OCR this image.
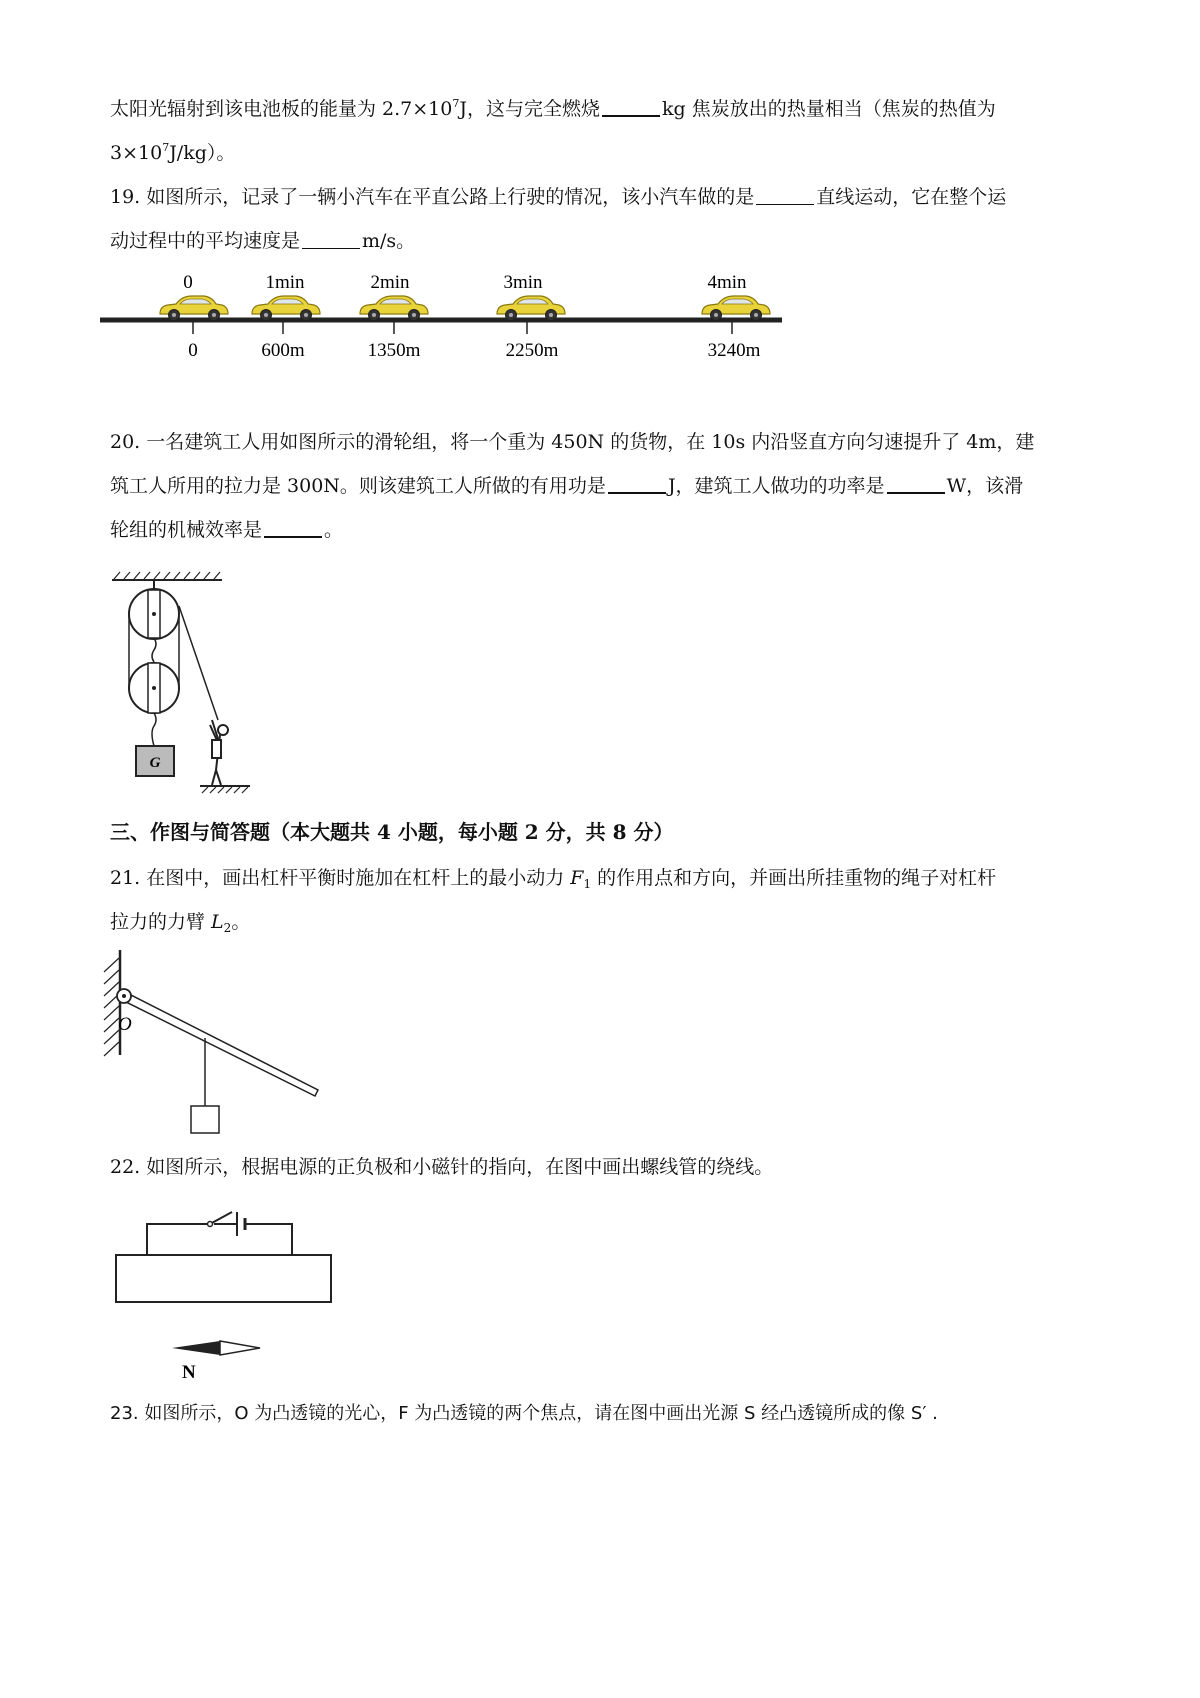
太阳光辐射到该电池板的能量为 $2.7\times 10^7J$，这与完全燃烧	kg 焦炭放出的热量相当（焦炭的热值为
$3\times 10^7J/kg$）。
19. 如图所示，记录了一辆小汽车在平直公路上行驶的情况，该小汽车做的是	直线运动，它在整个运
动过程中的平均速度是	m/s。
0	1min	2min	3min	4min
0	600m	1350m	2250m	3240m
20. 一名建筑工人用如图所示的滑轮组，将一个重为 450N 的货物，在 10s 内沿竖直方向匀速提升了 4m，建
筑工人所用的拉力是 300N。则该建筑工人所做的有用功是	J，建筑工人做功的功率是	W，该滑
轮组的机械效率是	。
G
三、作图与简答题（本大题共 4 小题，每小题 2 分，共 8 分）
21. 在图中，画出杠杆平衡时施加在杠杆上的最小动力 $F_1$ 的作用点和方向，并画出所挂重物的绳子对杠杆
拉力的力臂 $L_2$。
O
22. 如图所示，根据电源的正负极和小磁针的指向，在图中画出螺线管的绕线。
N
23. 如图所示，O 为凸透镜的光心，F 为凸透镜的两个焦点，请在图中画出光源 S 经凸透镜所成的像 S′ .
